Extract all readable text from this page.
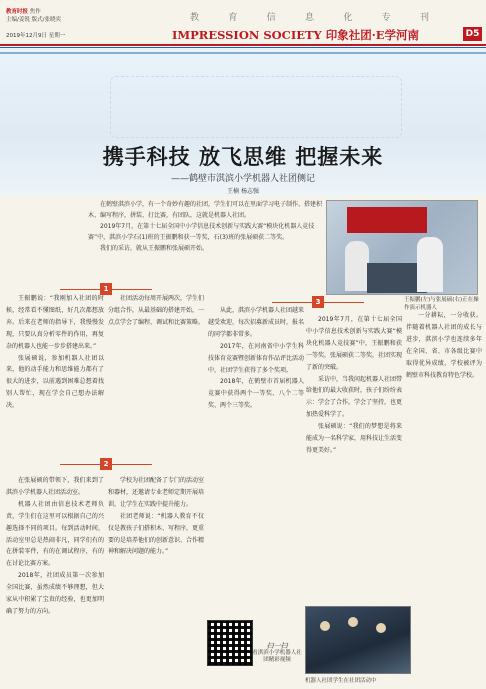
教育时报 焦作
主编/姜锐 版式/张晓宾
2019年12月9日 星期一
教	育	信	息	化	专	刊
IMPRESSION SOCIETY 印象社团·E学河南	D5
携手科技 放飞思维 把握未来
——鹤壁市淇滨小学机器人社团侧记
王楠 杨志强

在鹤壁淇滨小学，有一个奇妙有趣的社团，学生们可以在里面学习电子制作、搭建积木、编写程序，拼装、打比赛，有团队，这就是机器人社团。

2019年7月，在第十七届全国中小学信息技术创新与实践大赛“模块化机器人竞技赛”中，淇滨小学石(1)班的王振鹏和获一等奖，石(3)班的张展硕获二等奖。

我们的采访，就从王振鹏和张展硕开始。

王振鹏(左)与张展硕(右)正在操作演示机器人
1

王振鹏说：“我刚加入社团的时候，经常看不懂图纸，好几次都想放弃。后来在老师的指导下，我慢慢发现，只要认真分析零件的作用，再复杂的机器人也能一步步搭建出来。”

张展硕说，参加机器人社团以来，他的动手能力和思维能力都有了很大的进步，以前遇到困难总想着找别人帮忙，现在学会自己想办法解决。

社团活动每周开展两次，学生们分组合作，从最基础的搭建开始，一点点学会了编程、调试和比赛策略。

2

在张展硕的带领下，我们来到了淇滨小学机器人社团活动室。

机器人社团由信息技术老师负责，学生们在这里可以根据自己的兴趣选择不同的项目。每到活动时间，活动室里总是热闹非凡，同学们有的在拼装零件，有的在调试程序，有的在讨论比赛方案。

2018年，社团成员第一次参加全国比赛，虽然成绩不够理想，但大家从中积累了宝贵的经验，也更加明确了努力的方向。

学校为社团配备了专门的活动室和器材，还邀请专业老师定期开展培训，让学生在实践中提升能力。

社团老师说：“机器人教育不仅仅是教孩子们搭积木、写程序，更重要的是培养他们的创新意识、合作精神和解决问题的能力。”

从此，淇滨小学机器人社团越来越受欢迎，每次招募新成员时，报名的同学都非常多。

2017年，在河南省中小学生科技体育竞赛暨创新体育作品评比活动中，社团学生获得了多个奖项。

2018年，在鹤壁市首届机器人竞赛中获得两个一等奖、八个二等奖、两个三等奖。

3

2019年7月，在第十七届全国中小学信息技术创新与实践大赛“模块化机器人竞技赛”中，王振鹏和获一等奖，张展硕获二等奖，社团实现了新的突破。

采访中，当我问起机器人社团带给他们的最大收获时，孩子们纷纷表示：学会了合作，学会了坚持，也更加热爱科学了。

张展硕说：“我们的梦想是将来能成为一名科学家，用科技让生活变得更美好。”

一分耕耘，一分收获。伴随着机器人社团的成长与进步，淇滨小学也连续多年在全国、省、市各级比赛中取得优异成绩，学校被评为鹤壁市科技教育特色学校。

扫一扫
看淇滨小学机器人社团精彩视频
机器人社团学生在社团活动中
